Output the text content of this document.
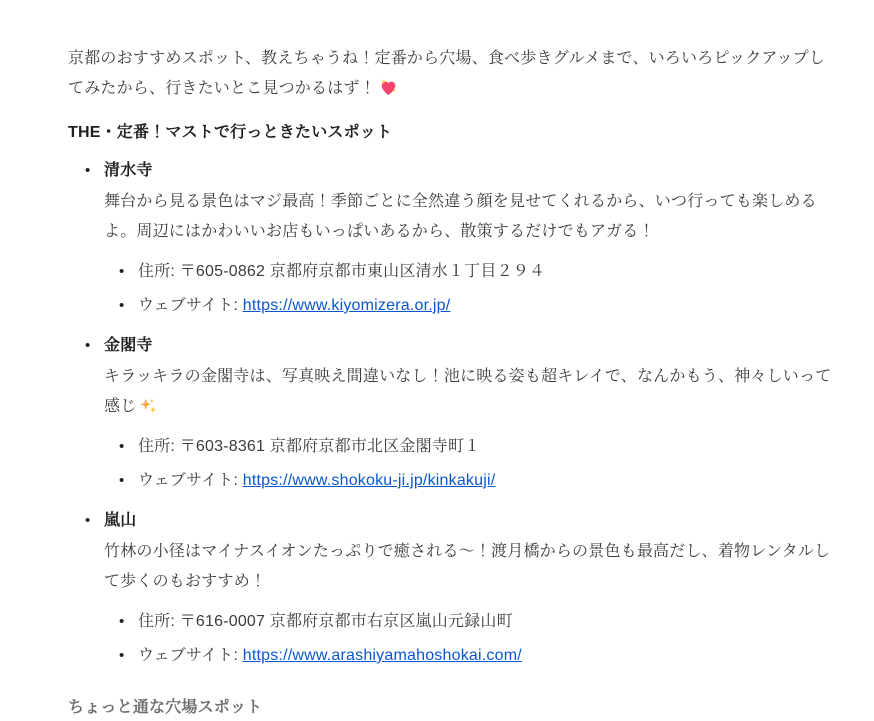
京都のおすすめスポット、教えちゃうね！定番から穴場、食べ歩きグルメまで、いろいろピックアップしてみたから、行きたいとこ見つかるはず！

THE・定番！マストで行っときたいスポット
• 清水寺

舞台から見る景色はマジ最高！季節ごとに全然違う顔を見せてくれるから、いつ行っても楽しめるよ。周辺にはかわいいお店もいっぱいあるから、散策するだけでもアガる！

• 住所: 〒605-0862 京都府京都市東山区清水１丁目２９４
• ウェブサイト: https://www.kiyomizera.or.jp/
• 金閣寺

キラッキラの金閣寺は、写真映え間違いなし！池に映る姿も超キレイで、なんかもう、神々しいって感じ

• 住所: 〒603-8361 京都府京都市北区金閣寺町１
• ウェブサイト: https://www.shokoku-ji.jp/kinkakuji/
• 嵐山

竹林の小径はマイナスイオンたっぷりで癒される〜！渡月橋からの景色も最高だし、着物レンタルして歩くのもおすすめ！

• 住所: 〒616-0007 京都府京都市右京区嵐山元録山町
• ウェブサイト: https://www.arashiyamahoshokai.com/
ちょっと通な穴場スポット
